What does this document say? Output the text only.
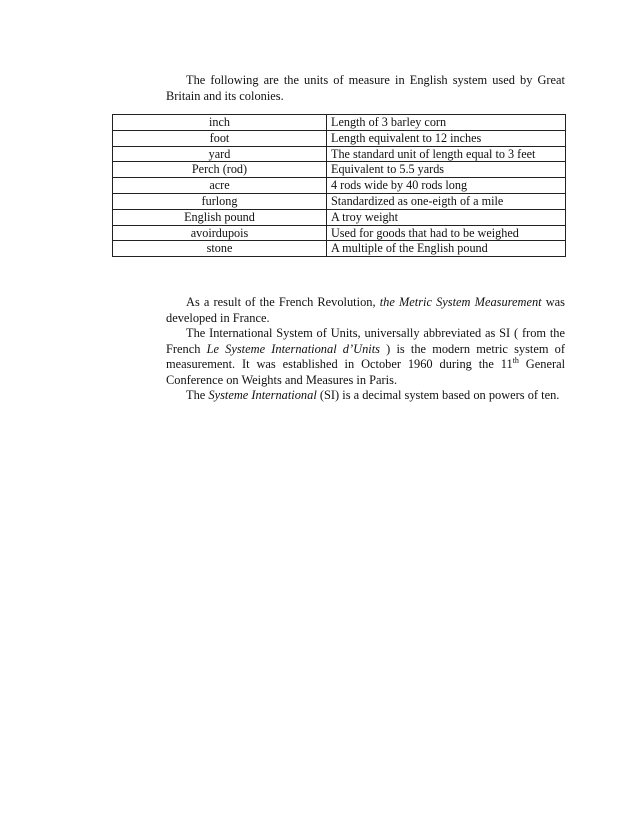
The following are the units of measure in English system used by Great Britain and its colonies.

inch	Length of 3 barley corn
foot	Length equivalent to 12 inches
yard	The standard unit of length equal to 3 feet
Perch (rod)	Equivalent to 5.5 yards
acre	4 rods wide by 40 rods long
furlong	Standardized as one-eigth of a mile
English pound	A troy weight
avoirdupois	Used for goods that had to be weighed
stone	A multiple of the English pound

As a result of the French Revolution, the Metric System Measurement was developed in France.

The International System of Units, universally abbreviated as SI ( from the French Le Systeme International d’Units ) is the modern metric system of measurement. It was established in October 1960 during the 11th General Conference on Weights and Measures in Paris.

The Systeme International (SI) is a decimal system based on powers of ten.
